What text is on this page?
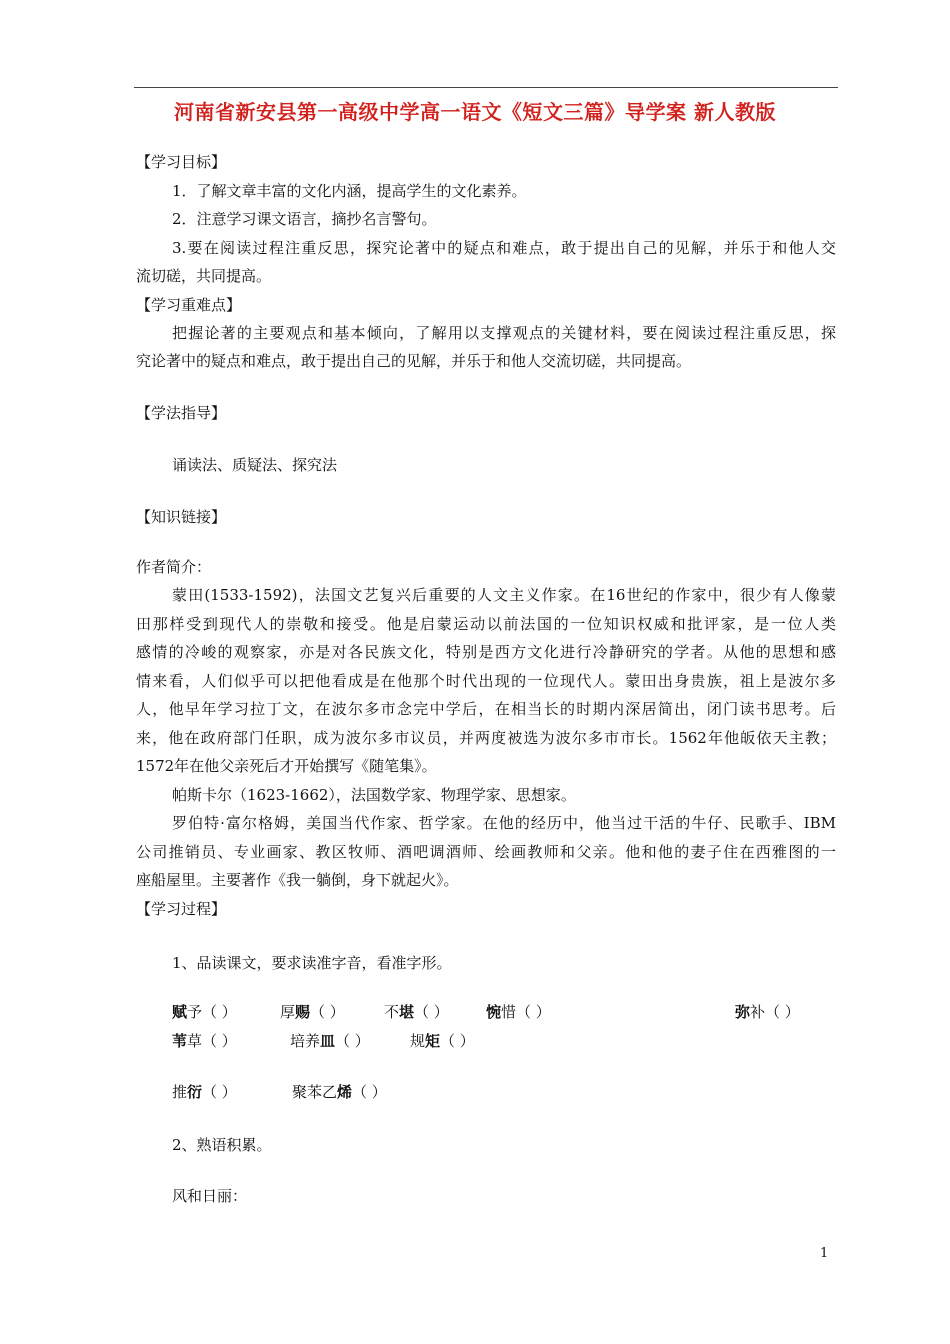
河南省新安县第一高级中学高一语文《短文三篇》导学案 新人教版
【学习目标】
1．了解文章丰富的文化内涵，提高学生的文化素养。
2．注意学习课文语言，摘抄名言警句。
3.要在阅读过程注重反思，探究论著中的疑点和难点，敢于提出自己的见解，并乐于和他人交
流切磋，共同提高。
【学习重难点】
把握论著的主要观点和基本倾向，了解用以支撑观点的关键材料，要在阅读过程注重反思，探
究论著中的疑点和难点，敢于提出自己的见解，并乐于和他人交流切磋，共同提高。
【学法指导】
诵读法、质疑法、探究法
【知识链接】
作者简介：
蒙田(1533-1592)，法国文艺复兴后重要的人文主义作家。在16世纪的作家中，很少有人像蒙
田那样受到现代人的崇敬和接受。他是启蒙运动以前法国的一位知识权威和批评家，是一位人类
感情的冷峻的观察家，亦是对各民族文化，特别是西方文化进行冷静研究的学者。从他的思想和感
情来看，人们似乎可以把他看成是在他那个时代出现的一位现代人。蒙田出身贵族，祖上是波尔多
人，他早年学习拉丁文，在波尔多市念完中学后，在相当长的时期内深居简出，闭门读书思考。后
来，他在政府部门任职，成为波尔多市议员，并两度被选为波尔多市市长。1562年他皈依天主教；
1572年在他父亲死后才开始撰写《随笔集》。
帕斯卡尔（1623-1662），法国数学家、物理学家、思想家。
罗伯特·富尔格姆，美国当代作家、哲学家。在他的经历中，他当过干活的牛仔、民歌手、IBM
公司推销员、专业画家、教区牧师、酒吧调酒师、绘画教师和父亲。他和他的妻子住在西雅图的一
座船屋里。主要著作《我一躺倒，身下就起火》。
【学习过程】
1、品读课文，要求读准字音，看准字形。
赋予（ ）	厚赐（ ）	不堪（ ） 惋惜（ ）	弥补（ ）
苇草（ ）	培养皿（ ）	规矩（ ）
推衍（ ）	聚苯乙烯（ ）
2、熟语积累。
风和日丽：
1
